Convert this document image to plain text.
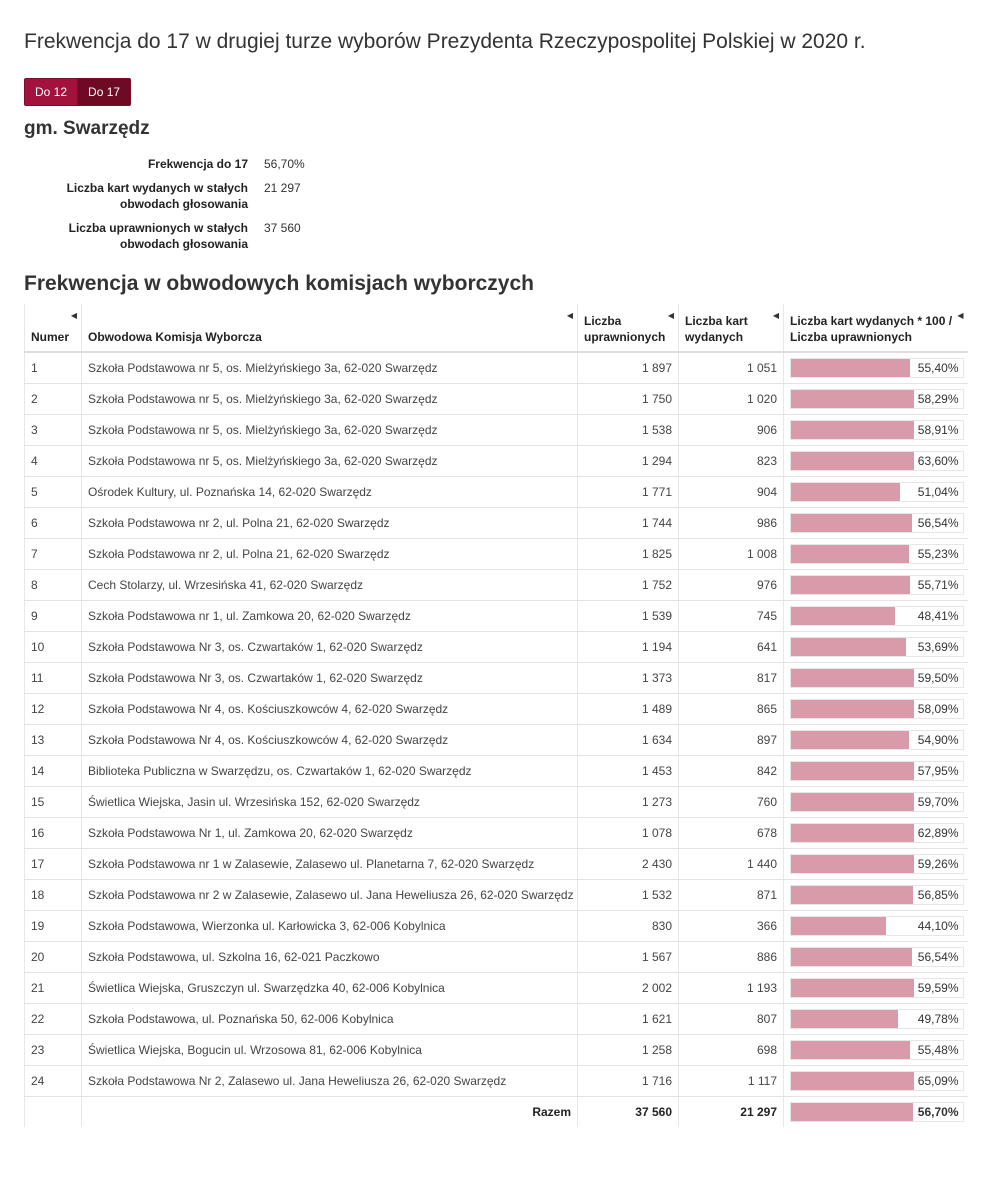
Frekwencja do 17 w drugiej turze wyborów Prezydenta Rzeczypospolitej Polskiej w 2020 r.
Do 12	Do 17
gm. Swarzędz
Frekwencja do 17 56,70%
Liczba kart wydanych w stałych obwodach głosowania
21 297
Liczba uprawnionych w stałych obwodach głosowania
37 560
Frekwencja w obwodowych komisjach wyborczych
Numer
◀	Obwodowa Komisja Wyborcza
◀	Liczba uprawnionych
◀	Liczba kart wydanych
◀	Liczba kart wydanych * 100 / Liczba uprawnionych
◀

1	Szkoła Podstawowa nr 5, os. Mielżyńskiego 3a, 62-020 Swarzędz	1 897	1 051	55,40%

2	Szkoła Podstawowa nr 5, os. Mielżyńskiego 3a, 62-020 Swarzędz	1 750	1 020	58,29%

3	Szkoła Podstawowa nr 5, os. Mielżyńskiego 3a, 62-020 Swarzędz	1 538	906	58,91%

4	Szkoła Podstawowa nr 5, os. Mielżyńskiego 3a, 62-020 Swarzędz	1 294	823	63,60%

5	Ośrodek Kultury, ul. Poznańska 14, 62-020 Swarzędz	1 771	904	51,04%

6	Szkoła Podstawowa nr 2, ul. Polna 21, 62-020 Swarzędz	1 744	986	56,54%

7	Szkoła Podstawowa nr 2, ul. Polna 21, 62-020 Swarzędz	1 825	1 008	55,23%

8	Cech Stolarzy, ul. Wrzesińska 41, 62-020 Swarzędz	1 752	976	55,71%

9	Szkoła Podstawowa nr 1, ul. Zamkowa 20, 62-020 Swarzędz	1 539	745	48,41%

10	Szkoła Podstawowa Nr 3, os. Czwartaków 1, 62-020 Swarzędz	1 194	641	53,69%

11	Szkoła Podstawowa Nr 3, os. Czwartaków 1, 62-020 Swarzędz	1 373	817	59,50%

12	Szkoła Podstawowa Nr 4, os. Kościuszkowców 4, 62-020 Swarzędz	1 489	865	58,09%

13	Szkoła Podstawowa Nr 4, os. Kościuszkowców 4, 62-020 Swarzędz	1 634	897	54,90%

14	Biblioteka Publiczna w Swarzędzu, os. Czwartaków 1, 62-020 Swarzędz	1 453	842	57,95%

15	Świetlica Wiejska, Jasin ul. Wrzesińska 152, 62-020 Swarzędz	1 273	760	59,70%

16	Szkoła Podstawowa Nr 1, ul. Zamkowa 20, 62-020 Swarzędz	1 078	678	62,89%

17	Szkoła Podstawowa nr 1 w Zalasewie, Zalasewo ul. Planetarna 7, 62-020 Swarzędz	2 430	1 440	59,26%

18	Szkoła Podstawowa nr 2 w Zalasewie, Zalasewo ul. Jana Heweliusza 26, 62-020 Swarzędz	1 532	871	56,85%

19	Szkoła Podstawowa, Wierzonka ul. Karłowicka 3, 62-006 Kobylnica	830	366	44,10%

20	Szkoła Podstawowa, ul. Szkolna 16, 62-021 Paczkowo	1 567	886	56,54%

21	Świetlica Wiejska, Gruszczyn ul. Swarzędzka 40, 62-006 Kobylnica	2 002	1 193	59,59%

22	Szkoła Podstawowa, ul. Poznańska 50, 62-006 Kobylnica	1 621	807	49,78%

23	Świetlica Wiejska, Bogucin ul. Wrzosowa 81, 62-006 Kobylnica	1 258	698	55,48%

24	Szkoła Podstawowa Nr 2, Zalasewo ul. Jana Heweliusza 26, 62-020 Swarzędz	1 716	1 117	65,09%

	Razem	37 560	21 297	56,70%
